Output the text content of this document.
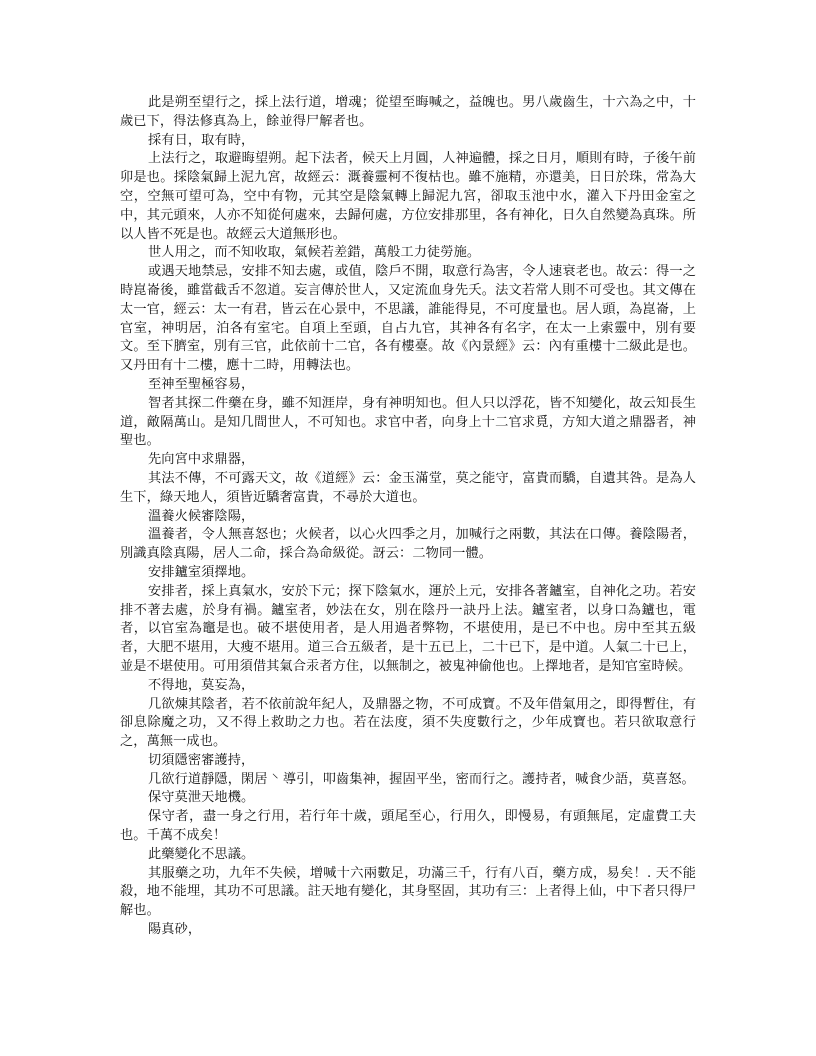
此是朔至望行之，採上法行道，增魂；從望至晦喊之，益魄也。男八歲齒生，十六為之中，十歲已下，得法修真為上，餘並得尸解者也。

採有日，取有時，

上法行之，取避晦望朔。起下法者，候天上月圓，人神遍體，採之日月，順則有時，子後午前卯是也。採陰氣歸上泥九宮，故經云：溉養靈柯不復枯也。雖不施精，亦還美，日日於珠，常為大空，空無可望可為，空中有物，元其空是陰氣轉上歸泥九宮，卻取玉池中水，灌入下丹田金室之中，其元頭來，人亦不知從何處來，去歸何處，方位安排那里，各有神化，日久自然變為真珠。所以人皆不死是也。故經云大道無形也。

世人用之，而不知收取，氣候若差錯，萬般工力徒勞施。

或遇天地禁忌，安排不知去處，或值，陰戶不開，取意行為害，令人速衰老也。故云：得一之時崑崙後，雖當截舌不忽道。妄言傳於世人，又定流血身先夭。法文若常人則不可受也。其文傳在太一官，經云：太一有君，皆云在心景中，不思議，誰能得見，不可度量也。居人頭，為崑崙，上官室，神明居，泊各有室宅。自項上至頭，自占九官，其神各有名字，在太一上索靈中，別有要文。至下臍室，別有三官，此依前十二官，各有樓臺。故《內景經》云：內有重樓十二級此是也。又丹田有十二樓，應十二時，用轉法也。

至神至聖極容易，

智者其探二件藥在身，雖不知涯岸，身有神明知也。但人只以浮花，皆不知變化，故云知長生道，敵隔萬山。是知几間世人，不可知也。求官中者，向身上十二官求覓，方知大道之鼎器者，神聖也。

先向宮中求鼎器，

其法不傳，不可露天文，故《道經》云：金玉滿堂，莫之能守，富貴而驕，自遺其咎。是為人生下，綠天地人，須皆近驕奢富貴，不尋於大道也。

溫養火候審陰陽，

溫養者，令人無喜怒也；火候者，以心火四季之月，加喊行之兩數，其法在口傳。養陰陽者，別識真陰真陽，居人二命，採合為命級從。訝云：二物同一體。

安排鑪室須擇地。

安排者，採上真氣水，安於下元；探下陰氣水，運於上元，安排各著鑪室，自神化之功。若安排不著去處，於身有禍。鑪室者，妙法在女，別在陰丹一訣丹上法。鑪室者，以身口為鑪也，電者，以官室為竈是也。破不堪使用者，是人用過者弊物，不堪使用，是已不中也。房中至其五級者，大肥不堪用，大瘦不堪用。道三合五級者，是十五已上，二十已下，是中道。人氣二十已上，並是不堪使用。可用須借其氣合汞者方住，以無制之，被鬼神偷他也。上擇地者，是知官室時候。

不得地，莫妄為，

几欲煉其陰者，若不依前說年紀人，及鼎器之物，不可成寶。不及年借氣用之，即得暫住，有卻息除魔之功，又不得上救助之力也。若在法度，須不失度數行之，少年成寶也。若只欲取意行之，萬無一成也。

切須隱密審護持，

几欲行道靜隱，閑居 ⸌ 導引，叩齒集神，握固平坐，密而行之。護持者，喊食少語，莫喜怒。

保守莫泄天地機。

保守者，盡一身之行用，若行年十歲，頭尾至心，行用久，即慢易，有頭無尾，定虛費工夫也。千萬不成矣！

此藥變化不思議。

其服藥之功，九年不失候，增喊十六兩數足，功滿三千，行有八百，藥方成，易矣！. 天不能殺，地不能埋，其功不可思議。註天地有變化，其身堅固，其功有三：上者得上仙，中下者只得尸解也。

陽真砂，
